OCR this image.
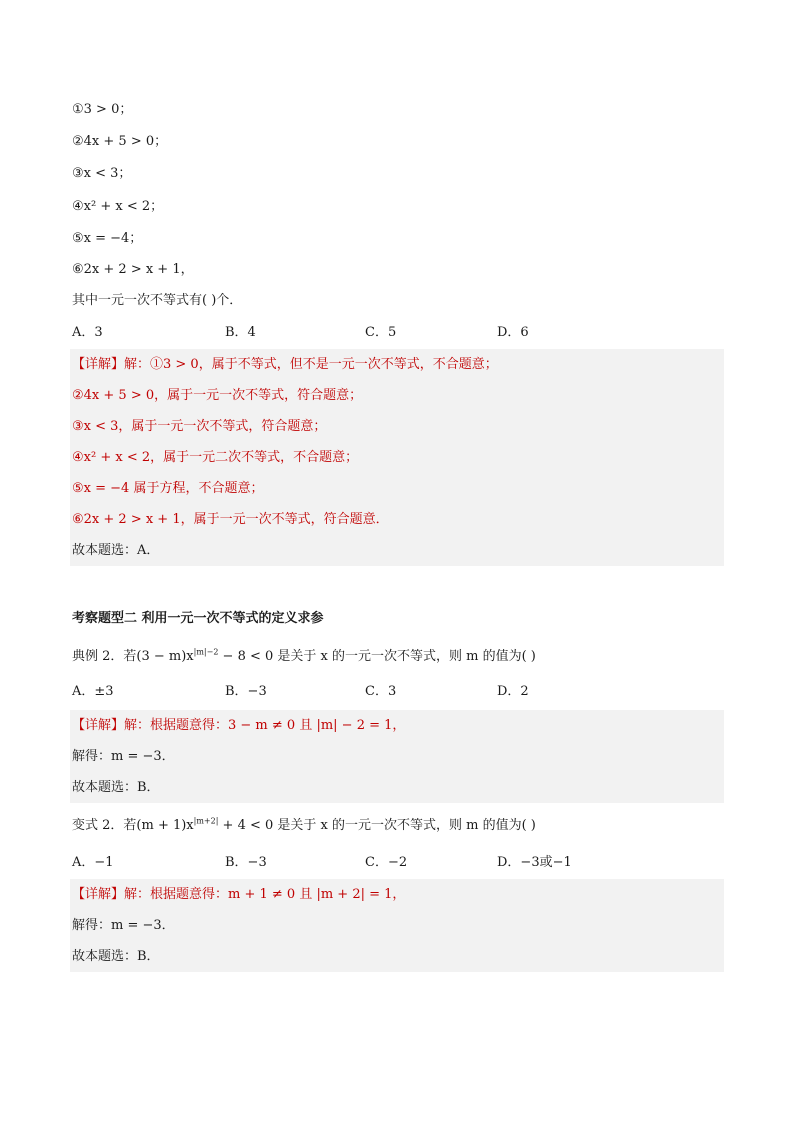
①3 > 0；
②4x + 5 > 0；
③x < 3；
④x² + x < 2；
⑤x = −4；
⑥2x + 2 > x + 1，
其中一元一次不等式有( )个．
A．3	B．4	C．5	D．6
【详解】解：①3 > 0，属于不等式，但不是一元一次不等式，不合题意；
②4x + 5 > 0，属于一元一次不等式，符合题意；
③x < 3，属于一元一次不等式，符合题意；
④x² + x < 2，属于一元二次不等式，不合题意；
⑤x = −4 属于方程，不合题意；
⑥2x + 2 > x + 1，属于一元一次不等式，符合题意．
故本题选：A．
考察题型二 利用一元一次不等式的定义求参
典例 2．若$(3 - m)x^{|m|-2} - 8 < 0$ 是关于 x 的一元一次不等式，则 m 的值为( )
A．±3	B．−3	C．3	D．2
【详解】解：根据题意得：3 − m ≠ 0 且 |m| − 2 = 1，
解得：m = −3．
故本题选：B．
变式 2．若$(m + 1)x^{|m+2|} + 4 < 0$ 是关于 x 的一元一次不等式，则 m 的值为( )
A．−1	B．−3	C．−2	D．−3或−1
【详解】解：根据题意得：m + 1 ≠ 0 且 |m + 2| = 1，
解得：m = −3．
故本题选：B．
